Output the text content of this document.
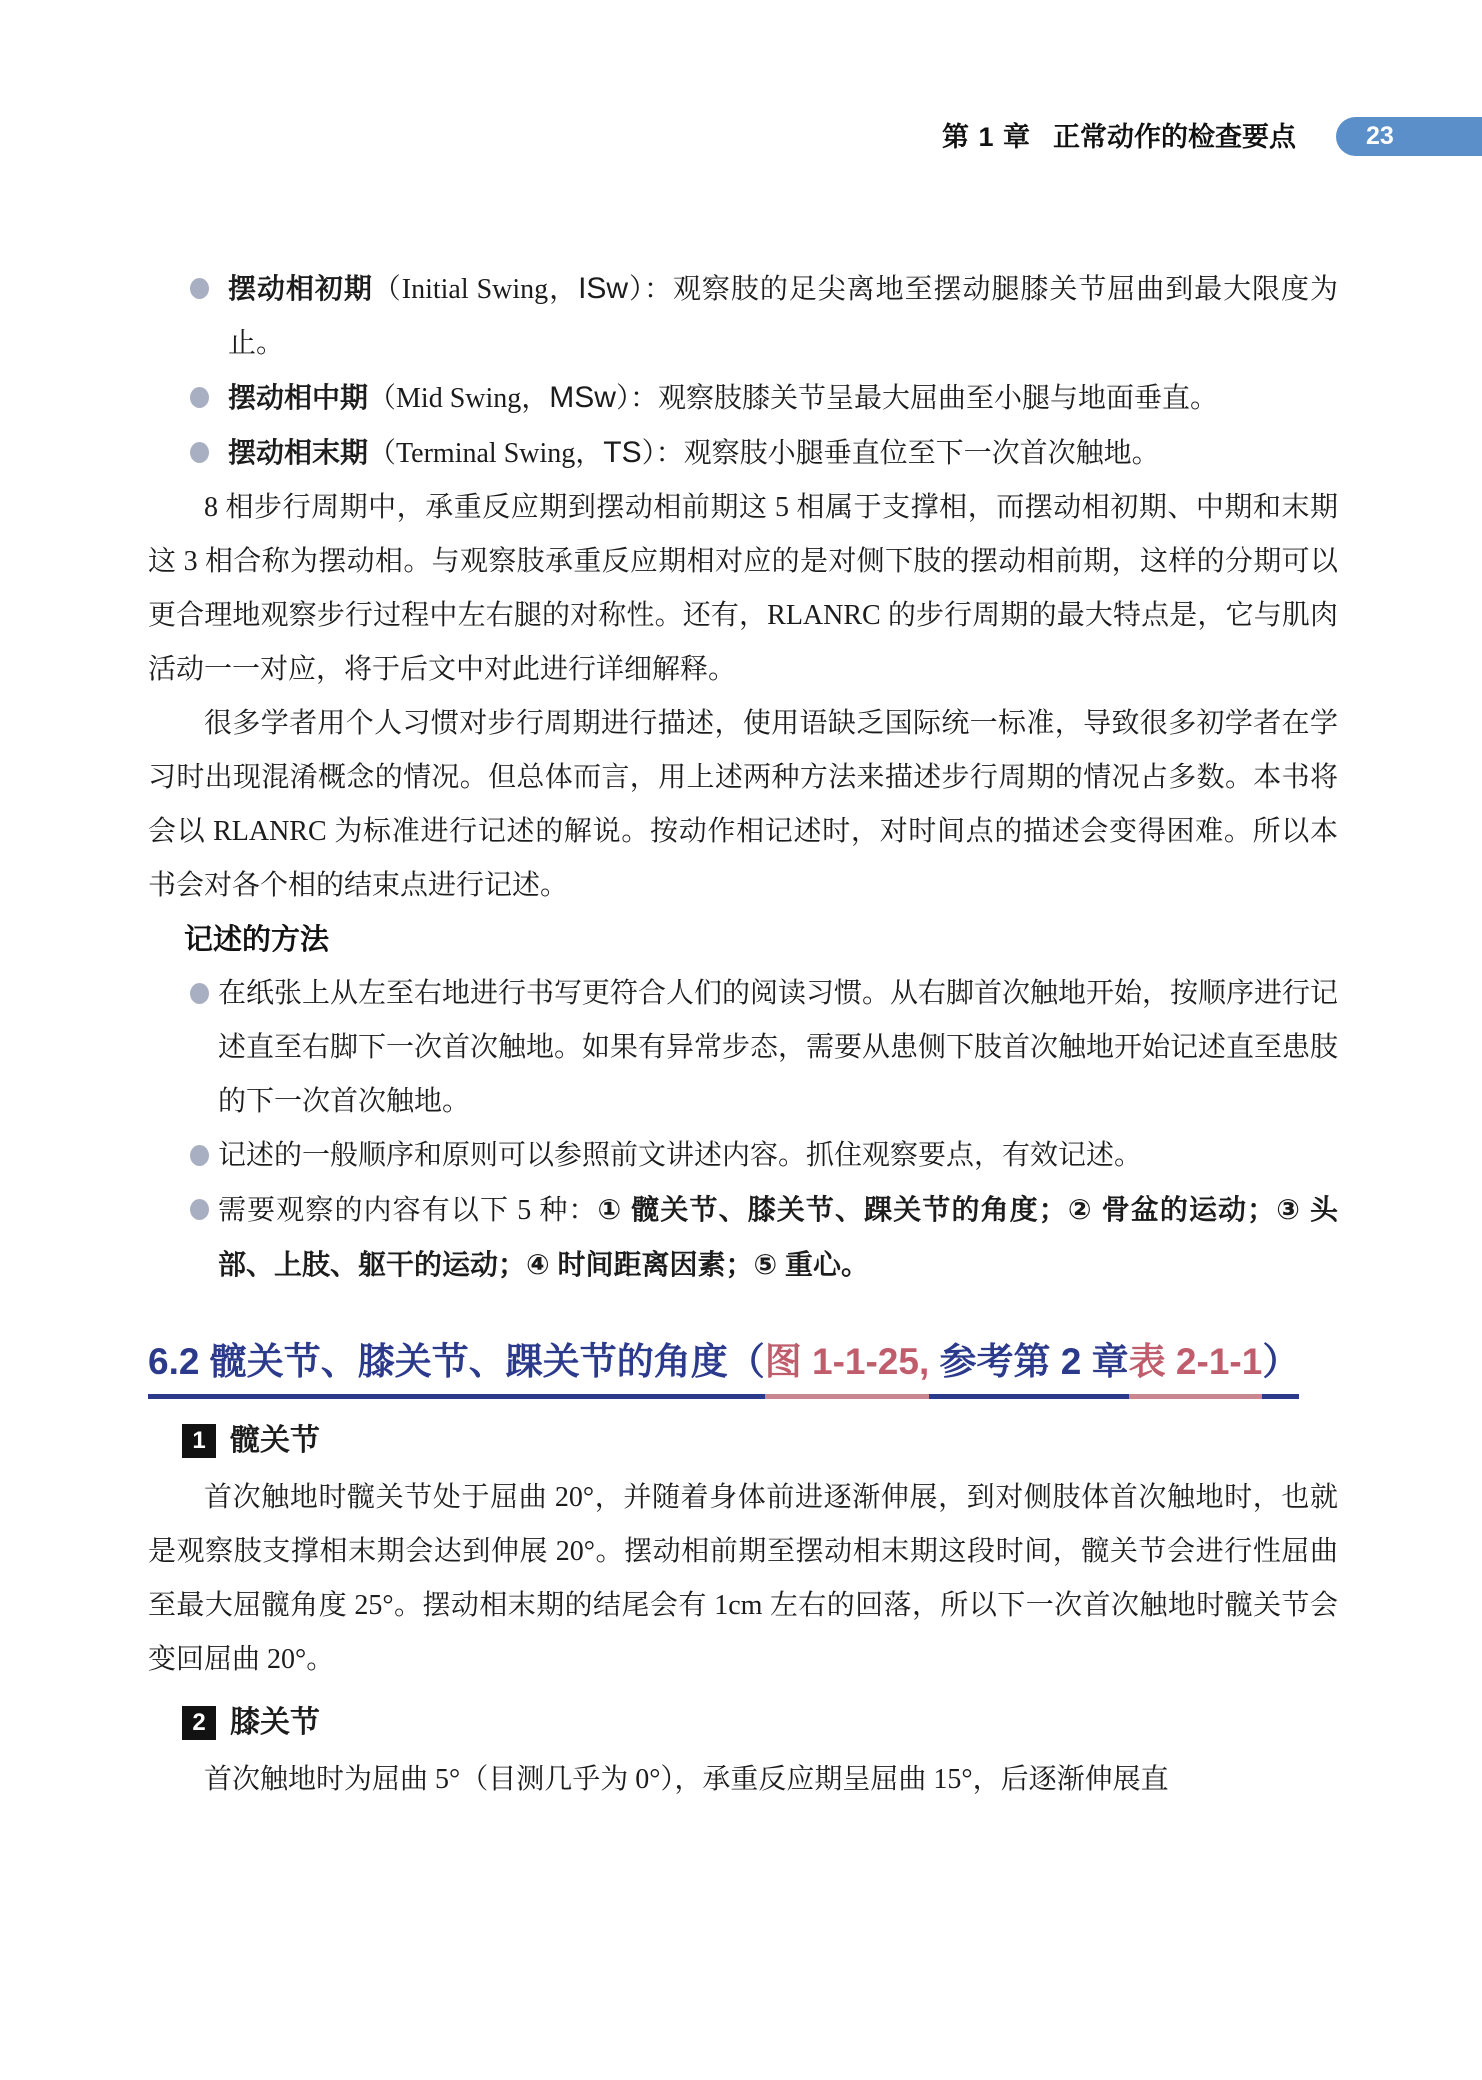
第 1 章 正常动作的检查要点	23
摆动相初期（Initial Swing，ISw）：观察肢的足尖离地至摆动腿膝关节屈曲到最大限度为止。
摆动相中期（Mid Swing，MSw）：观察肢膝关节呈最大屈曲至小腿与地面垂直。
摆动相末期（Terminal Swing，TS）：观察肢小腿垂直位至下一次首次触地。

8 相步行周期中，承重反应期到摆动相前期这 5 相属于支撑相，而摆动相初期、中期和末期这 3 相合称为摆动相。与观察肢承重反应期相对应的是对侧下肢的摆动相前期，这样的分期可以更合理地观察步行过程中左右腿的对称性。还有，RLANRC 的步行周期的最大特点是，它与肌肉活动一一对应，将于后文中对此进行详细解释。

很多学者用个人习惯对步行周期进行描述，使用语缺乏国际统一标准，导致很多初学者在学习时出现混淆概念的情况。但总体而言，用上述两种方法来描述步行周期的情况占多数。本书将会以 RLANRC 为标准进行记述的解说。按动作相记述时，对时间点的描述会变得困难。所以本书会对各个相的结束点进行记述。

记述的方法
在纸张上从左至右地进行书写更符合人们的阅读习惯。从右脚首次触地开始，按顺序进行记述直至右脚下一次首次触地。如果有异常步态，需要从患侧下肢首次触地开始记述直至患肢的下一次首次触地。
记述的一般顺序和原则可以参照前文讲述内容。抓住观察要点，有效记述。
需要观察的内容有以下 5 种：① 髋关节、膝关节、踝关节的角度；② 骨盆的运动；③ 头部、上肢、躯干的运动；④ 时间距离因素；⑤ 重心。
6.2 髋关节、膝关节、踝关节的角度（图 1-1-25, 参考第 2 章表 2-1-1）
1 髋关节

首次触地时髋关节处于屈曲 20°，并随着身体前进逐渐伸展，到对侧肢体首次触地时，也就是观察肢支撑相末期会达到伸展 20°。摆动相前期至摆动相末期这段时间，髋关节会进行性屈曲至最大屈髋角度 25°。摆动相末期的结尾会有 1cm 左右的回落，所以下一次首次触地时髋关节会变回屈曲 20°。

2 膝关节

首次触地时为屈曲 5°（目测几乎为 0°），承重反应期呈屈曲 15°，后逐渐伸展直
